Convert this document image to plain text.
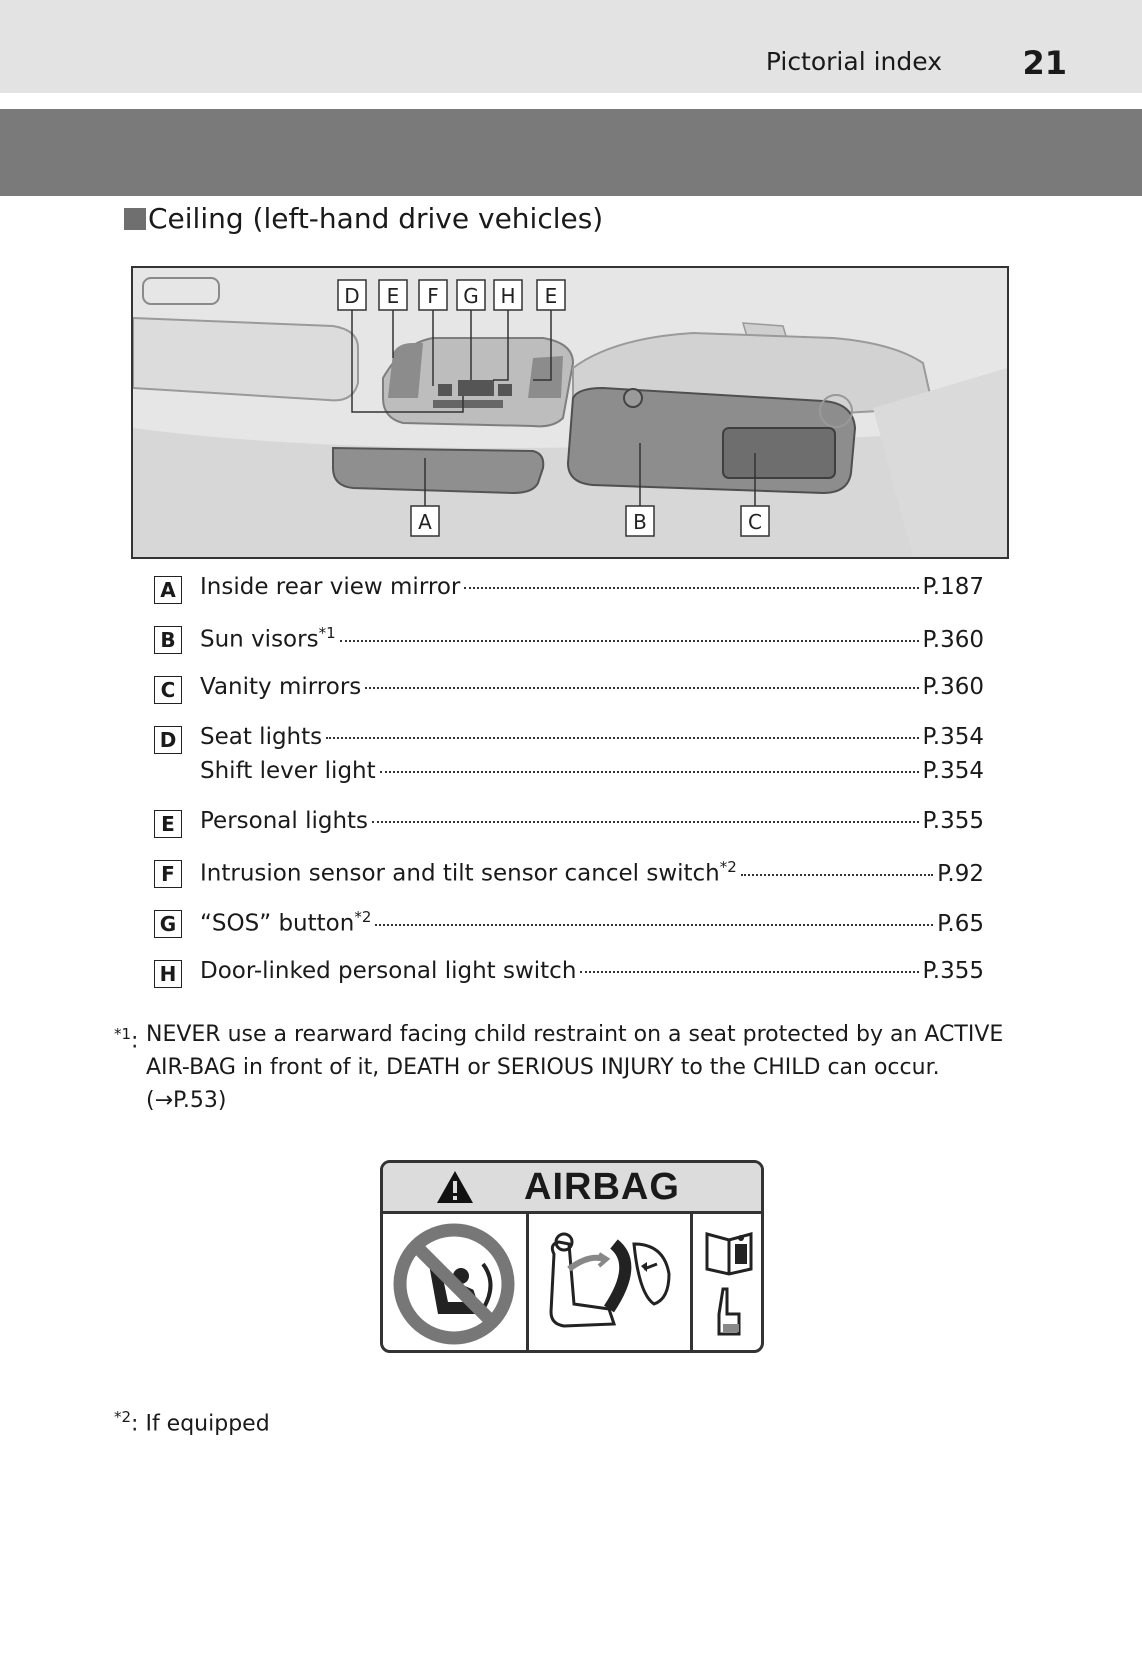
Pictorial index	21
Ceiling (left-hand drive vehicles)
D E F G H E
A	B	C
A Inside rear view mirror	P.187
B Sun visors$^{*1}$	P.360
C Vanity mirrors	P.360
D Seat lights	P.354
Shift lever light	P.354
E	Personal lights	P.355
F	Intrusion sensor and tilt sensor cancel switch$^{*2}$	P.92
G “SOS” button$^{*2}$	P.65
H Door-linked personal light switch	P.355
$^{*1}$: NEVER use a rearward facing child restraint on a seat protected by an ACTIVE AIR-BAG in front of it, DEATH or SERIOUS INJURY to the CHILD can occur. (→P.53)
AIRBAG
$^{*2}$: If equipped
